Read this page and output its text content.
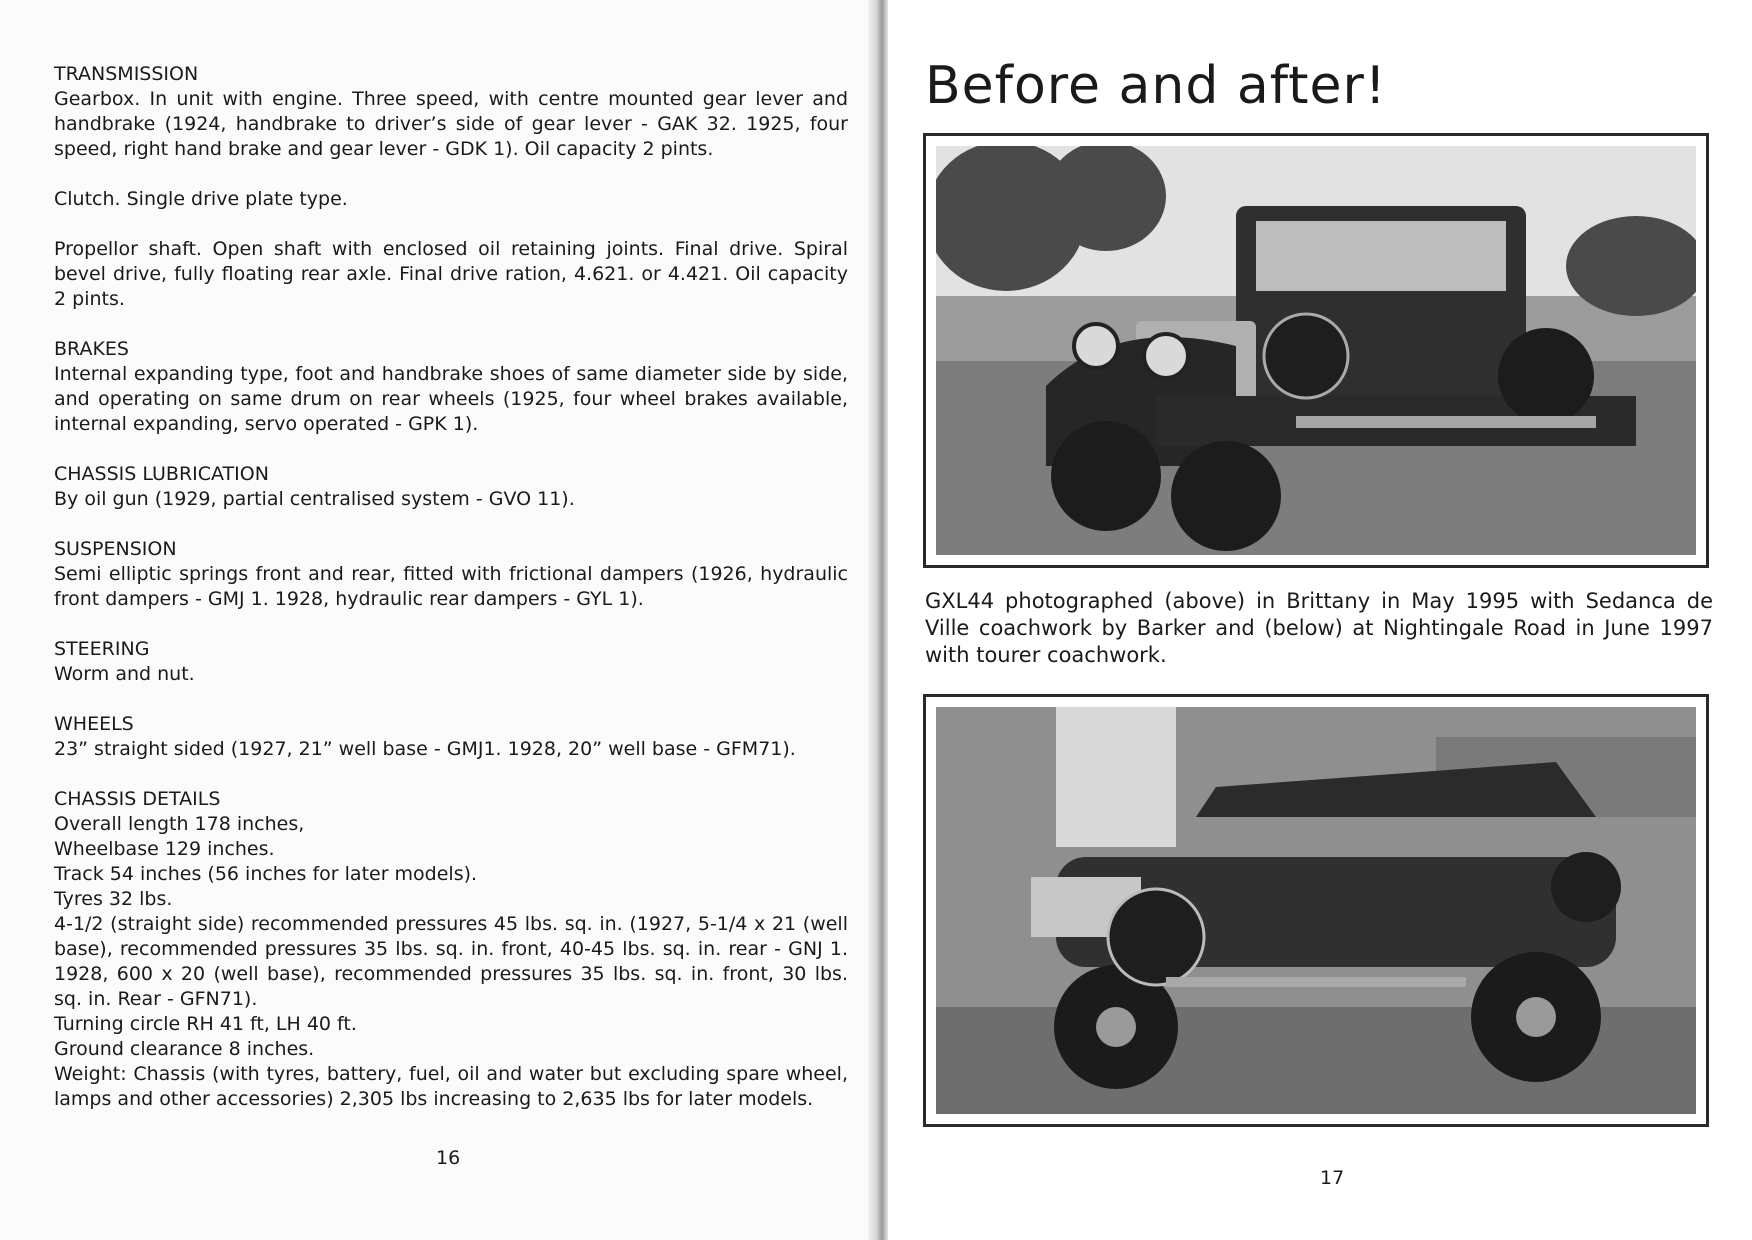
TRANSMISSION

Gearbox. In unit with engine. Three speed, with centre mounted gear lever and handbrake (1924, handbrake to driver’s side of gear lever - GAK 32. 1925, four speed, right hand brake and gear lever - GDK 1). Oil capacity 2 pints.

Clutch. Single drive plate type.

Propellor shaft. Open shaft with enclosed oil retaining joints. Final drive. Spiral bevel drive, fully floating rear axle. Final drive ration, 4.621. or 4.421. Oil capacity 2 pints.

BRAKES

Internal expanding type, foot and handbrake shoes of same diameter side by side, and operating on same drum on rear wheels (1925, four wheel brakes available, internal expanding, servo operated - GPK 1).

CHASSIS LUBRICATION

By oil gun (1929, partial centralised system - GVO 11).

SUSPENSION

Semi elliptic springs front and rear, fitted with frictional dampers (1926, hydraulic front dampers - GMJ 1. 1928, hydraulic rear dampers - GYL 1).

STEERING

Worm and nut.

WHEELS

23” straight sided (1927, 21” well base - GMJ1. 1928, 20” well base - GFM71).

CHASSIS DETAILS

Overall length 178 inches,

Wheelbase 129 inches.

Track 54 inches (56 inches for later models).

Tyres 32 lbs.

4-1/2 (straight side) recommended pressures 45 lbs. sq. in. (1927, 5-1/4 x 21 (well base), recommended pressures 35 lbs. sq. in. front, 40-45 lbs. sq. in. rear - GNJ 1. 1928, 600 x 20 (well base), recommended pressures 35 lbs. sq. in. front, 30 lbs. sq. in. Rear - GFN71).

Turning circle RH 41 ft, LH 40 ft.

Ground clearance 8 inches.

Weight: Chassis (with tyres, battery, fuel, oil and water but excluding spare wheel, lamps and other accessories) 2,305 lbs increasing to 2,635 lbs for later models.

16
Before and after!

GXL44 photographed (above) in Brittany in May 1995 with Sedanca de Ville coachwork by Barker and (below) at Nightingale Road in June 1997 with tourer coachwork.

17
